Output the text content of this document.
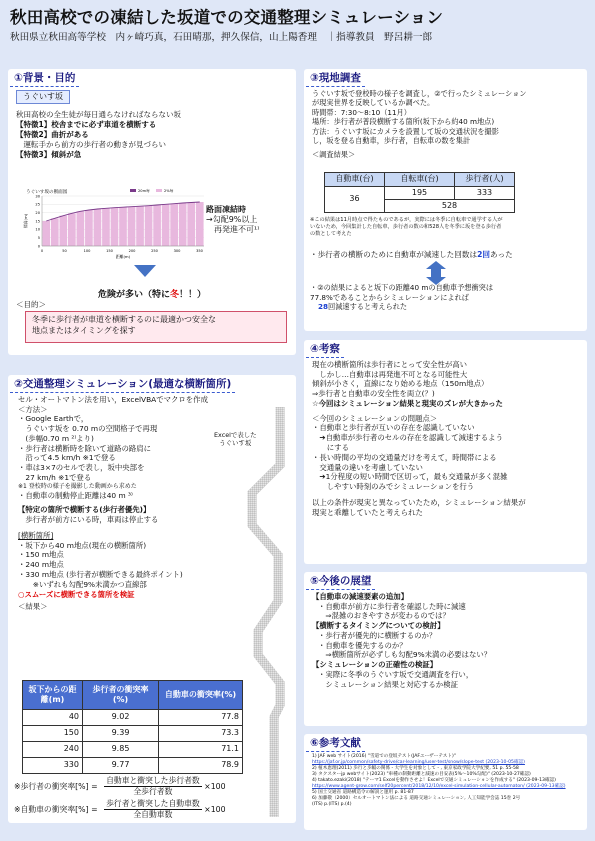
秋田高校での凍結した坂道での交通整理シミュレーション
秋田県立秋田高等学校　内ヶ崎巧真，石田晴那，押久保信，山上陽香理　｜指導教員　野呂耕一郎
①背景・目的
うぐいす坂

秋田高校の全生徒が毎日通らなければならない坂

【特徴1】校舎までに必ず車道を横断する

【特徴2】曲折がある

　運転手から前方の歩行者の動きが見づらい

【特徴3】傾斜が急

うぐいす坂の断面図	20m毎	2%毎
0
5
10
15
20
25
30
0	50	100	150	200	250	300	350
距離(m)
標高(m)

路面凍結時

→勾配9%以上

　再発進不可¹⁾

危険が多い（特に冬！！）
＜目的＞

冬季に歩行者が車道を横断するのに最適かつ安全な

地点またはタイミングを探す

②交通整理シミュレーション(最適な横断箇所)

セル・オートマトン法を用い，ExcelVBAでマクロを作成

＜方法＞

・Google Earthで，

　うぐいす坂を 0.70 mの空間格子で再現

　(歩幅0.70 m ²⁾より)

・歩行者は横断時を除いて道路の路肩に

　沿って4.5 km/h ※1で登る

・車は3×7のセルで表し，坂中央部を

　27 km/h ※1で登る

※1 登校時の様子を撮影した動画から求めた

・自動車の制動停止距離は40 m ³⁾

【特定の箇所で横断する(歩行者優先)】

　歩行者が前方にいる時，車両は停止する

[横断箇所]

・坂下から40 m地点(現在の横断箇所)

・150 m地点

・240 m地点

・330 m地点 (歩行者が横断できる最終ポイント)

　　※いずれも勾配9%未満かつ直線部

○スムーズに横断できる箇所を検証

＜結果＞

Excelで表した

うぐいす坂

坂下からの距離(m)	歩行者の衝突率(%)	自動車の衝突率(%)
40	9.02	77.8
150	9.39	73.3
240	9.85	71.1
330	9.77	78.9
※歩行者の衝突率[%] =
自動車と衝突した歩行者数
全歩行者数
×100
※自動車の衝突率[%] =
歩行者と衝突した自動車数
全自動車数
×100
③現地調査

うぐいす坂で登校時の様子を調査し，②で行ったシミュレーション

が現実世界を反映しているか調べた。

時間帯：7:30～8:10（11月）

場所：歩行者が普段横断する箇所(坂下から約40 m地点)

方法：うぐいす坂にカメラを設置して坂の交通状況を撮影

し，坂を登る自動車，歩行者，自転車の数を集計

＜調査結果＞

自動車(台)	自転車(台)	歩行者(人)
36	195	333
	528	

※この結果は11月時点で得たものであるが，実際には冬季に自転車で通学する人が

いないため，今回集計した自転車，歩行者の数の和528人を冬季に坂を登る歩行者

の数として考えた

・歩行者の横断のために自動車が減速した回数は2回あった

・②の結果によると坂下の距離40 mの自動車予想衝突は

77.8%であることからシミュレーションによれば

28回減速すると考えられた

④考察

現在の横断箇所は歩行者にとって安全性が高い

　しかし…自動車は再発進不可となる可能性大

傾斜が小さく，直線になり始める地点（150m地点）

⇒歩行者と自動車の安全性を両立(？)

☆今回はシミュレーション結果と現実のズレが大きかった

＜今回のシミュレーションの問題点＞

・自動車と歩行者が互いの存在を認識していない

　➔自動車が歩行者のセルの存在を認識して減速するよう

　　にする

・長い時間の平均の交通量だけを考えて，時間帯による

　交通量の違いを考慮していない

　➔1分程度の短い時間で区切って，最も交通量が多く混雑

　　しやすい時刻のみでシミュレーションを行う

以上の条件が現実と異なっていたため，シミュレーション結果が

現実と乖離していたと考えられた

⑤今後の展望

【自動車の減速要素の追加】

・自動車が前方に歩行者を確認した時に減速

　⇒混雑のおきやすさが変わるのでは？

【横断するタイミングについての検討】

・歩行者が優先的に横断するのか？

・自動車を優先するのか？

　⇒横断箇所が必ずしも勾配9%未満の必要はない？

【シミュレーションの正確性の検証】

・実際に冬季のうぐいす坂で交通調査を行い，

　シミュレーション結果と対応するか検証

⑥参考文献

1) JAF web サイト(2016) "雪道での登坂テスト(JAFユーザーテスト)"

https://jaf.or.jp/common/safety-drive/car-learning/user-test/snow/slope-test (2023-10-05確認)

2) 植木恵理(2011) 歩行と歩幅の関係 - 大学生を対象として - , 東京家政学院大学紀要, 51 p. 55-58

3) タクスターjp webサイト(2023) "車種の制動距離と減速の目安表(5%～10%勾配)" (2023-10-27確認)

4) takato.ezaki(2018) "テーマ1 Excelを動作させよ！Excelで交通シミュレーションを作成する" (2023-09-13確認)

https://www.agent-grow.com/self20percent/2018/12/10/excel-simulation-cellular-automaton/ (2023-09-13確認)

5) 国土交通省 道路構造令の解説と運用 p. 81-87

6) 加藤敬（2000）セルオートマトン法による 道路交通シミュレーション, 人工知能学会誌 15巻 2号

(ITS) p.(ITS) p.(4)
